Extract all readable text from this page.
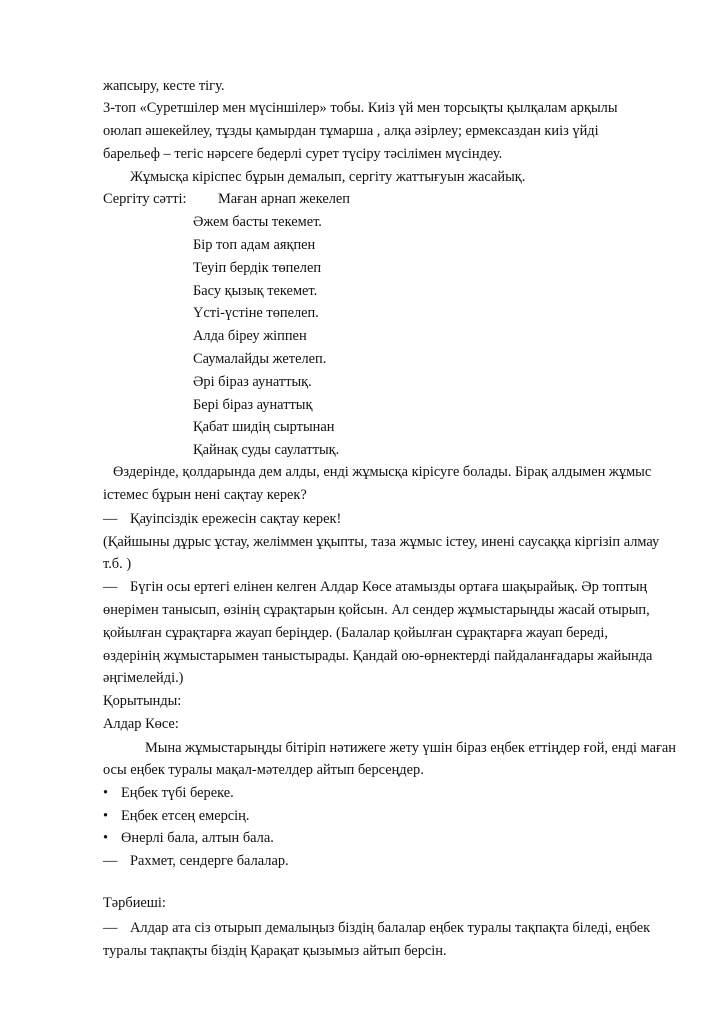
жапсыру, кесте тігу.

3-топ «Суретшілер мен мүсіншілер» тобы. Киіз үй мен торсықты қылқалам арқылы

оюлап әшекейлеу, тұзды қамырдан тұмарша , алқа әзірлеу; ермексаздан киіз үйді

барельеф – тегіс нәрсеге бедерлі сурет түсіру тәсілімен мүсіндеу.

Жұмысқа кіріспес бұрын демалып, сергіту жаттығуын жасайық.

Сергіту сәтті: Маған арнап жекелеп

Әжем басты текемет.

Бір топ адам аяқпен

Теуіп бердік төпелеп

Басу қызық текемет.

Үсті-үстіне төпелеп.

Алда біреу жіппен

Саумалайды жетелеп.

Әрі біраз аунаттық.

Бері біраз аунаттық

Қабат шидің сыртынан

Қайнақ суды саулаттық.

Өздерінде, қолдарында дем алды, енді жұмысқа кірісуге болады. Бірақ алдымен жұмыс

істемес бұрын нені сақтау керек?

— Қауіпсіздік ережесін сақтау керек!

(Қайшыны дұрыс ұстау, желіммен ұқыпты, таза жұмыс істеу, инені саусаққа кіргізіп алмау

т.б. )

— Бүгін осы ертегі елінен келген Алдар Көсе атамызды ортаға шақырайық. Әр топтың

өнерімен танысып, өзінің сұрақтарын қойсын. Ал сендер жұмыстарыңды жасай отырып,

қойылған сұрақтарға жауап беріңдер. (Балалар қойылған сұрақтарға жауап береді,

өздерінің жұмыстарымен таныстырады. Қандай ою-өрнектерді пайдаланғадары жайында

әңгімелейді.)

Қорытынды:

Алдар Көсе:

Мына жұмыстарыңды бітіріп нәтижеге жету үшін біраз еңбек еттіңдер ғой, енді маған

осы еңбек туралы мақал-мәтелдер айтып берсеңдер.

• Еңбек түбі береке.

• Еңбек етсең емерсің.

• Өнерлі бала, алтын бала.

— Рахмет, сендерге балалар.

Тәрбиеші:

— Алдар ата сіз отырып демалыңыз біздің балалар еңбек туралы тақпақта біледі, еңбек

туралы тақпақты біздің Қарақат қызымыз айтып берсін.
